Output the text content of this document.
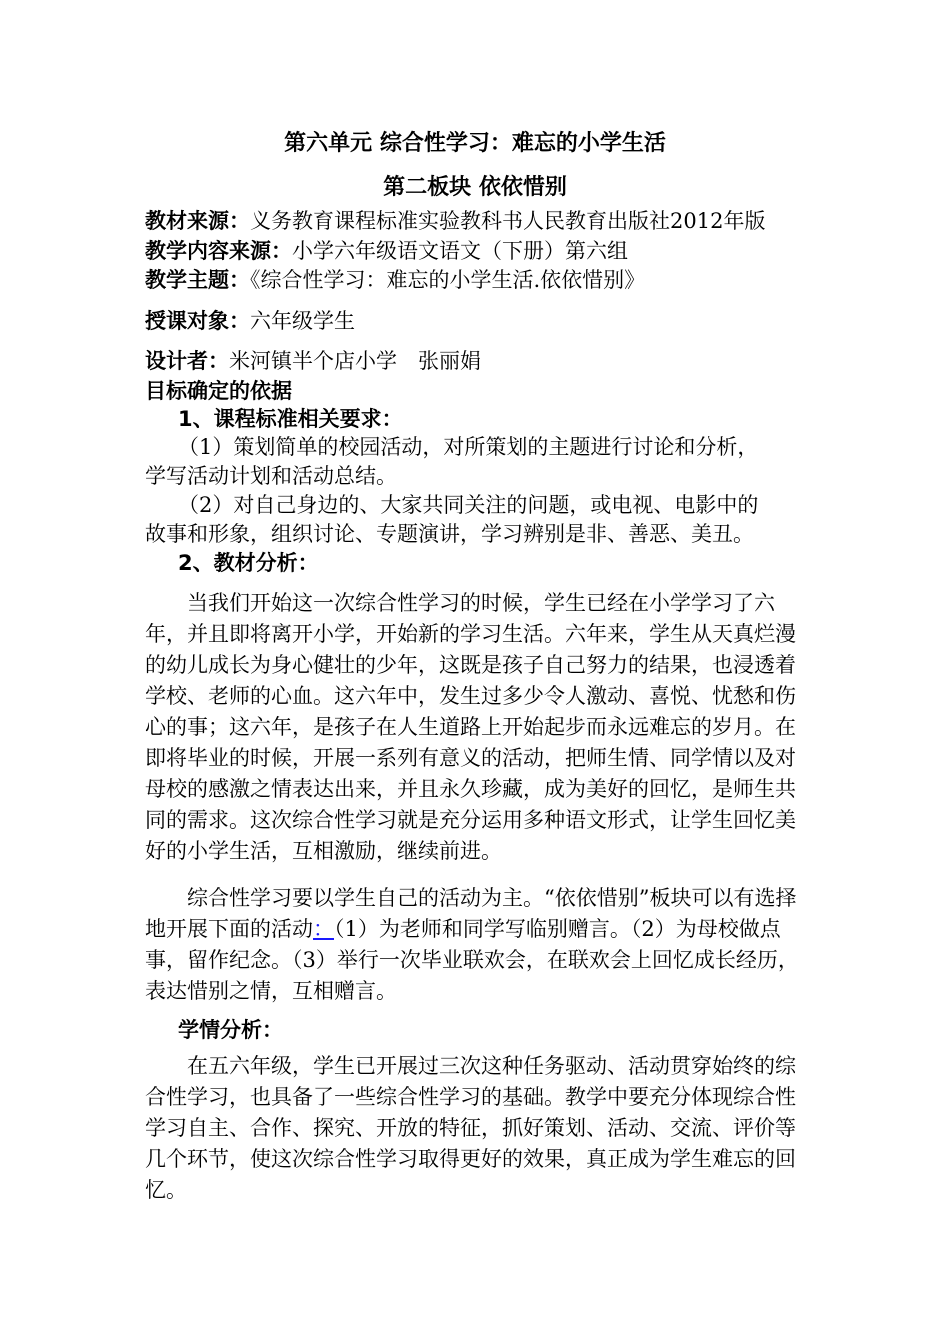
第六单元 综合性学习：难忘的小学生活
第二板块 依依惜别
教材来源：义务教育课程标准实验教科书人民教育出版社2012年版
教学内容来源：小学六年级语文语文（下册）第六组
教学主题：《综合性学习：难忘的小学生活.依依惜别》
授课对象：六年级学生
设计者：米河镇半个店小学　张丽娟
目标确定的依据
1、课程标准相关要求：
（1）策划简单的校园活动，对所策划的主题进行讨论和分析，
学写活动计划和活动总结。
（2）对自己身边的、大家共同关注的问题，或电视、电影中的
故事和形象，组织讨论、专题演讲，学习辨别是非、善恶、美丑。
2、教材分析：
当我们开始这一次综合性学习的时候，学生已经在小学学习了六年，并且即将离开小学，开始新的学习生活。六年来，学生从天真烂漫的幼儿成长为身心健壮的少年，这既是孩子自己努力的结果，也浸透着学校、老师的心血。这六年中，发生过多少令人激动、喜悦、忧愁和伤心的事；这六年，是孩子在人生道路上开始起步而永远难忘的岁月。在即将毕业的时候，开展一系列有意义的活动，把师生情、同学情以及对母校的感激之情表达出来，并且永久珍藏，成为美好的回忆，是师生共同的需求。这次综合性学习就是充分运用多种语文形式，让学生回忆美好的小学生活，互相激励，继续前进。
综合性学习要以学生自己的活动为主。“依依惜别”板块可以有选择地开展下面的活动：（1）为老师和同学写临别赠言。（2）为母校做点事，留作纪念。（3）举行一次毕业联欢会，在联欢会上回忆成长经历，表达惜别之情，互相赠言。
学情分析：
在五六年级，学生已开展过三次这种任务驱动、活动贯穿始终的综合性学习，也具备了一些综合性学习的基础。教学中要充分体现综合性学习自主、合作、探究、开放的特征，抓好策划、活动、交流、评价等几个环节，使这次综合性学习取得更好的效果，真正成为学生难忘的回忆。
